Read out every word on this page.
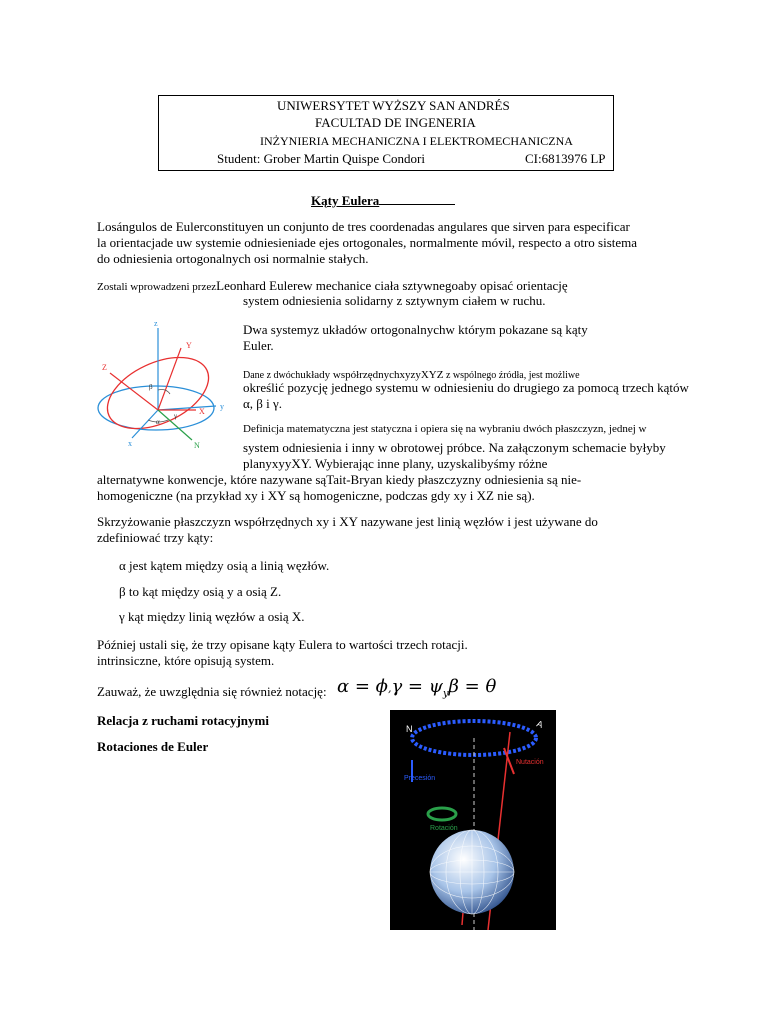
UNIWERSYTET WYŻSZY SAN ANDRÉS
FACULTAD DE INGENERIA
INŻYNIERIA MECHANICZNA I ELEKTROMECHANICZNA
Student: Grober Martin Quispe Condori	CI:6813976 LP
Kąty Eulera
Losángulos de Eulerconstituyen un conjunto de tres coordenadas angulares que sirven para especificar
la orientacjade uw systemie odniesieniade ejes ortogonales, normalmente móvil, respecto a otro sistema
do odniesienia ortogonalnych osi normalnie stałych.
Zostali wprowadzeni przezLeonhard Eulerew mechanice ciała sztywnegoaby opisać orientację
system odniesienia solidarny z sztywnym ciałem w ruchu.
z
Y
Z
X
y
x	N
β
α
γ
Dwa systemyz układów ortogonalnychw którym pokazane są kąty
Euler.
Dane z dwóchukłady współrzędnychxyzyXYZ z wspólnego źródła, jest możliwe
określić pozycję jednego systemu w odniesieniu do drugiego za pomocą trzech kątów
α, β i γ.
Definicja matematyczna jest statyczna i opiera się na wybraniu dwóch płaszczyzn, jednej w
system odniesienia i inny w obrotowej próbce. Na załączonym schemacie byłyby
planyxyyXY. Wybierając inne plany, uzyskalibyśmy różne
alternatywne konwencje, które nazywane sąTait-Bryan kiedy płaszczyzny odniesienia są nie-
homogeniczne (na przykład xy i XY są homogeniczne, podczas gdy xy i XZ nie są).
Skrzyżowanie płaszczyzn współrzędnych xy i XY nazywane jest linią węzłów i jest używane do
zdefiniować trzy kąty:
α jest kątem między osią a linią węzłów.
β to kąt między osią y a osią Z.
γ kąt między linią węzłów a osią X.
Później ustali się, że trzy opisane kąty Eulera to wartości trzech rotacji.
intrinsiczne, które opisują system.
Zauważ, że uwzględnia się również notację: $\alpha = \phi,\gamma = \psi_y\beta = \theta$
Relacja z ruchami rotacyjnymi
Rotaciones de Euler
N	A
Nutación
Precesión
Rotación
